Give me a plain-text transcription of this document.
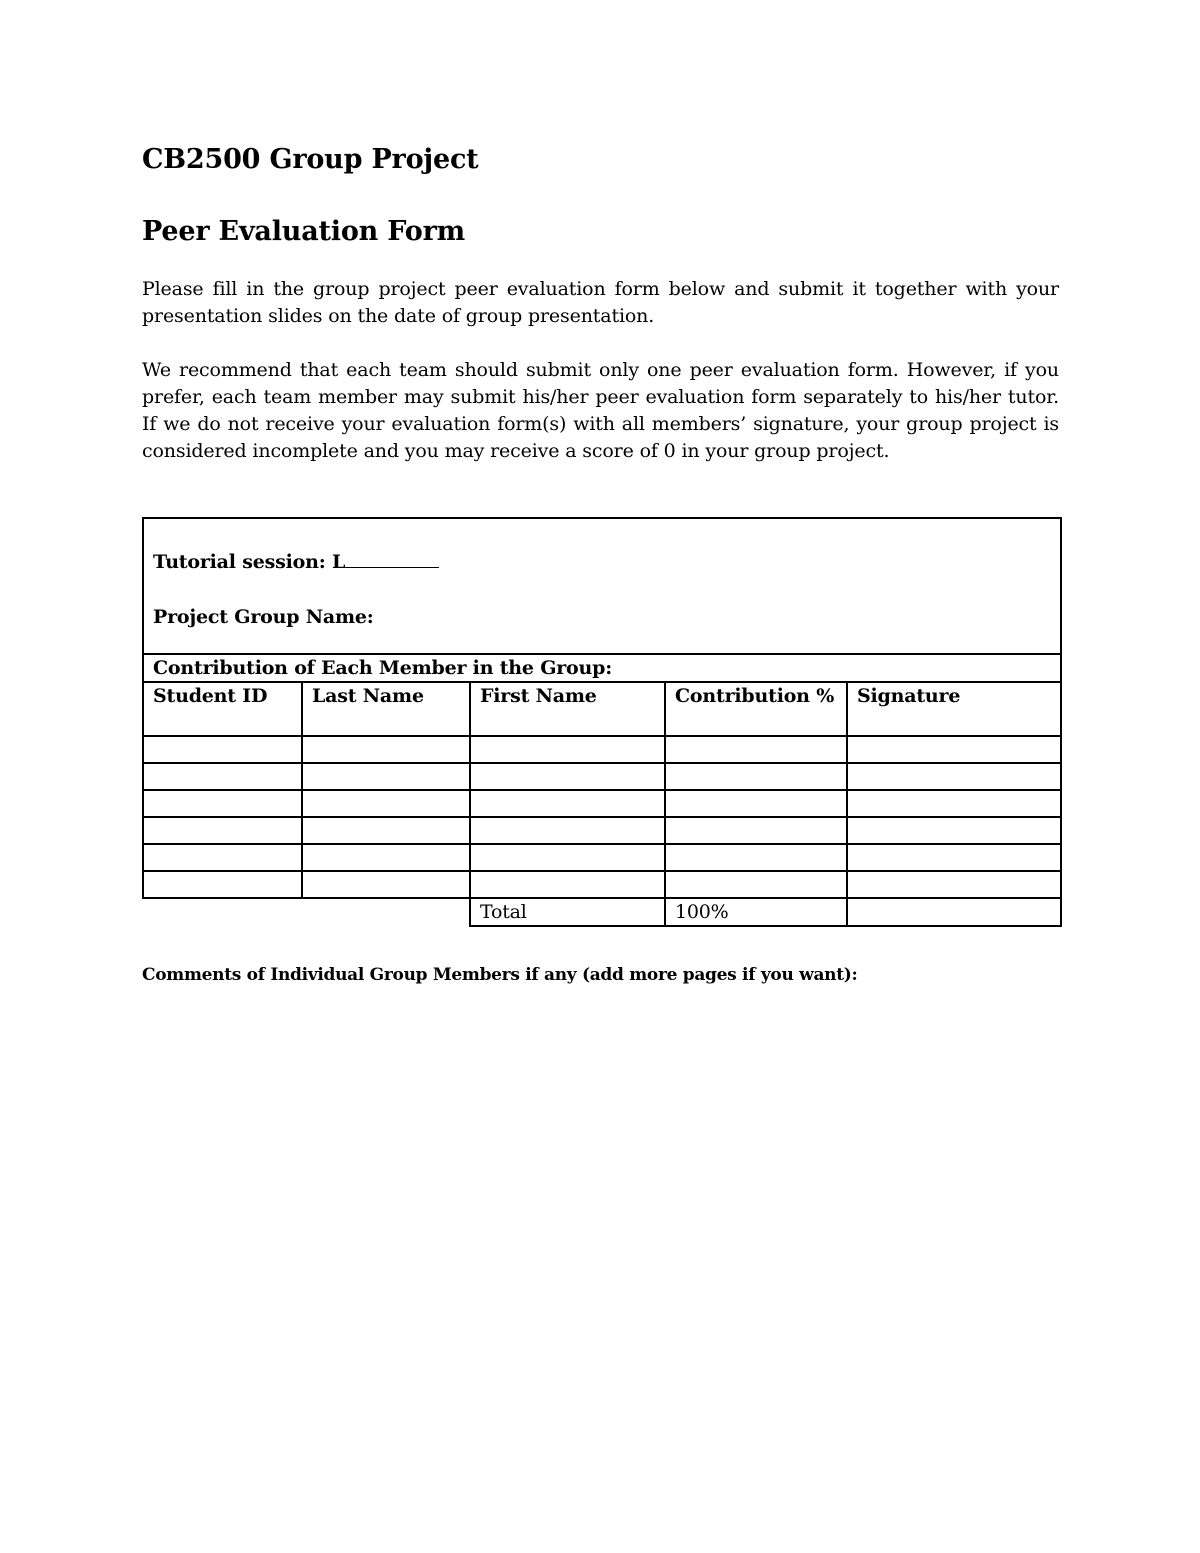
CB2500 Group Project
Peer Evaluation Form

Please fill in the group project peer evaluation form below and submit it together with your presentation slides on the date of group presentation.

We recommend that each team should submit only one peer evaluation form. However, if you prefer, each team member may submit his/her peer evaluation form separately to his/her tutor. If we do not receive your evaluation form(s) with all members’ signature, your group project is considered incomplete and you may receive a score of 0 in your group project.

Tutorial session: L
Project Group Name:				

Contribution of Each Member in the Group:				
Student ID	Last Name	First Name	Contribution %	Signature

		Total	100%	

Comments of Individual Group Members if any (add more pages if you want):
